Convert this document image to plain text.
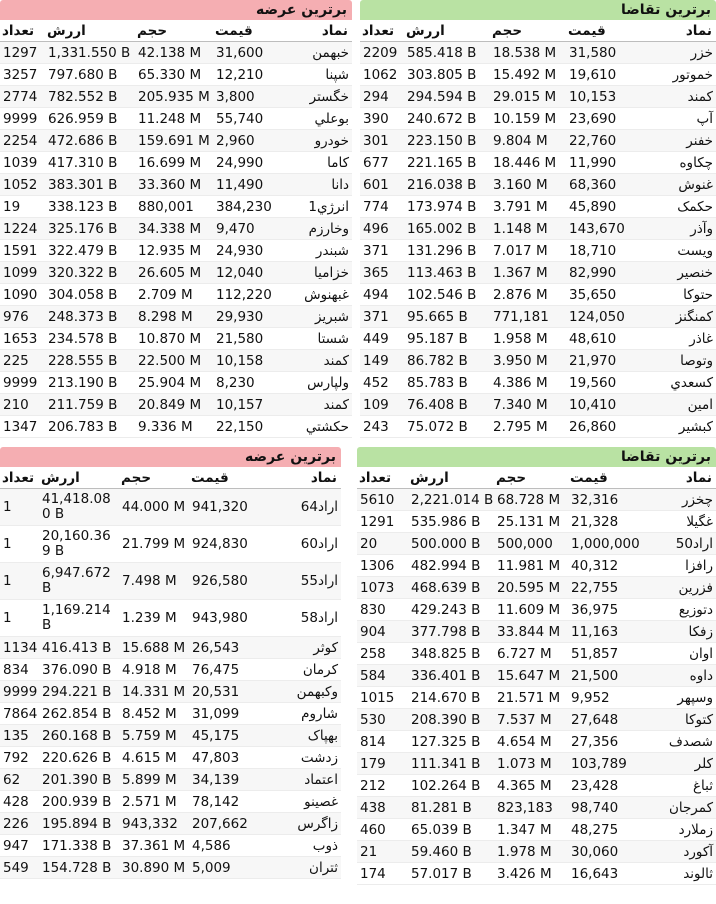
برترین تقاضا
نماد	قیمت	حجم	اررش	تعداد
خزر	31,580	18.538 M	585.418 B	2209
خموتور	19,610	15.492 M	303.805 B	1062
کمند	10,153	29.015 M	294.594 B	294
آپ	23,690	10.159 M	240.672 B	390
خفنر	22,760	9.804 M	223.150 B	301
چکاوه	11,990	18.446 M	221.165 B	677
غنوش	68,360	3.160 M	216.038 B	601
حکمک	45,890	3.791 M	173.974 B	774
وآذر	143,670	1.148 M	165.002 B	496
ویست	18,710	7.017 M	131.296 B	371
خنصیر	82,990	1.367 M	113.463 B	365
حتوکا	35,650	2.876 M	102.546 B	494
کمنگنز	124,050	771,181	95.665 B	371
غاذر	48,610	1.958 M	95.187 B	449
وتوصا	21,970	3.950 M	86.782 B	149
کسعدي	19,560	4.386 M	85.783 B	452
امین	10,410	7.340 M	76.408 B	109
کبشیر	26,860	2.795 M	75.072 B	243
برترین عرضه
نماد	قیمت	حجم	اررش	تعداد
خبهمن	31,600	42.138 M	1,331.550 B	1297
شپنا	12,210	65.330 M	797.680 B	3257
خگستر	3,800	205.935 M	782.552 B	2774
بوعلي	55,740	11.248 M	626.959 B	9999
خودرو	2,960	159.691 M	472.686 B	2254
کاما	24,990	16.699 M	417.310 B	1039
دانا	11,490	33.360 M	383.301 B	1052
انرژي1	384,230	880,001	338.123 B	19
وخارزم	9,470	34.338 M	325.176 B	1224
شبندر	24,930	12.935 M	322.479 B	1591
خزامیا	12,040	26.605 M	320.322 B	1099
غبهنوش	112,220	2.709 M	304.058 B	1090
شبریز	29,930	8.298 M	248.373 B	976
شستا	21,580	10.870 M	234.578 B	1653
کمند	10,158	22.500 M	228.555 B	225
ولپارس	8,230	25.904 M	213.190 B	9999
کمند	10,157	20.849 M	211.759 B	210
حکشتي	22,150	9.336 M	206.783 B	1347
برترین تقاضا
نماد	قیمت	حجم	اررش	تعداد
چخزر	32,316	68.728 M	2,221.014 B	5610
غگیلا	21,328	25.131 M	535.986 B	1291
اراد50	1,000,000	500,000	500.000 B	20
رافزا	40,312	11.981 M	482.994 B	1306
فزرین	22,755	20.595 M	468.639 B	1073
دتوزیع	36,975	11.609 M	429.243 B	830
زفکا	11,163	33.844 M	377.798 B	904
اوان	51,857	6.727 M	348.825 B	258
داوه	21,500	15.647 M	336.401 B	584
وسپهر	9,952	21.571 M	214.670 B	1015
کتوکا	27,648	7.537 M	208.390 B	530
شصدف	27,356	4.654 M	127.325 B	814
کلر	103,789	1.073 M	111.341 B	179
ثباغ	23,428	4.365 M	102.264 B	212
کمرجان	98,740	823,183	81.281 B	438
زملارد	48,275	1.347 M	65.039 B	460
آکورد	30,060	1.978 M	59.460 B	21
ثالوند	16,643	3.426 M	57.017 B	174
برترین عرضه
نماد	قیمت	حجم	اررش	تعداد
اراد64	941,320	44.000 M	41,418.080 B	1
اراد60	924,830	21.799 M	20,160.369 B	1
اراد55	926,580	7.498 M	6,947.672 B	1
اراد58	943,980	1.239 M	1,169.214 B	1
کوثر	26,543	15.688 M	416.413 B	1134
کرمان	76,475	4.918 M	376.090 B	834
وکبهمن	20,531	14.331 M	294.221 B	9999
شاروم	31,099	8.452 M	262.854 B	7864
بهپاک	45,175	5.759 M	260.168 B	135
زدشت	47,803	4.615 M	220.626 B	792
اعتماد	34,139	5.899 M	201.390 B	62
غصینو	78,142	2.571 M	200.939 B	428
زاگرس	207,662	943,332	195.894 B	226
ذوب	4,586	37.361 M	171.338 B	947
ثتران	5,009	30.890 M	154.728 B	549
